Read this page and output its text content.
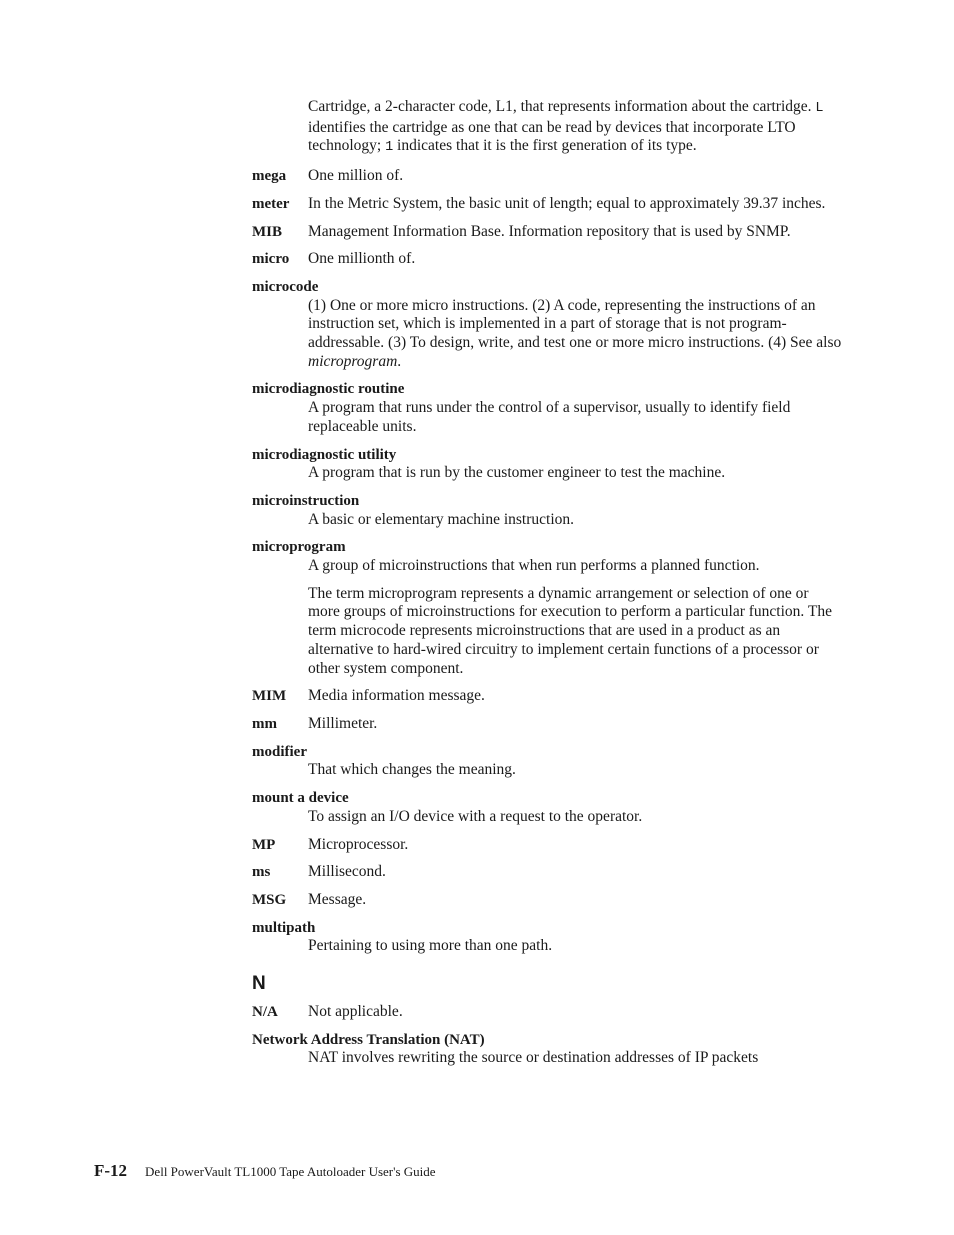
Cartridge, a 2-character code, L1, that represents information about the cartridge. L identifies the cartridge as one that can be read by devices that incorporate LTO technology; 1 indicates that it is the first generation of its type.

mega	One million of.

meter	In the Metric System, the basic unit of length; equal to approximately 39.37 inches.

MIB	Management Information Base. Information repository that is used by SNMP.

micro	One millionth of.

microcode

(1) One or more micro instructions. (2) A code, representing the instructions of an instruction set, which is implemented in a part of storage that is not program-addressable. (3) To design, write, and test one or more micro instructions. (4) See also microprogram.

microdiagnostic routine

A program that runs under the control of a supervisor, usually to identify field replaceable units.

microdiagnostic utility

A program that is run by the customer engineer to test the machine.

microinstruction

A basic or elementary machine instruction.

microprogram

A group of microinstructions that when run performs a planned function.

The term microprogram represents a dynamic arrangement or selection of one or more groups of microinstructions for execution to perform a particular function. The term microcode represents microinstructions that are used in a product as an alternative to hard-wired circuitry to implement certain functions of a processor or other system component.

MIM	Media information message.

mm	Millimeter.

modifier

That which changes the meaning.

mount a device

To assign an I/O device with a request to the operator.

MP	Microprocessor.

ms	Millisecond.

MSG	Message.

multipath

Pertaining to using more than one path.

N
N/A	Not applicable.

Network Address Translation (NAT)

NAT involves rewriting the source or destination addresses of IP packets

F-12 Dell PowerVault TL1000 Tape Autoloader User's Guide
